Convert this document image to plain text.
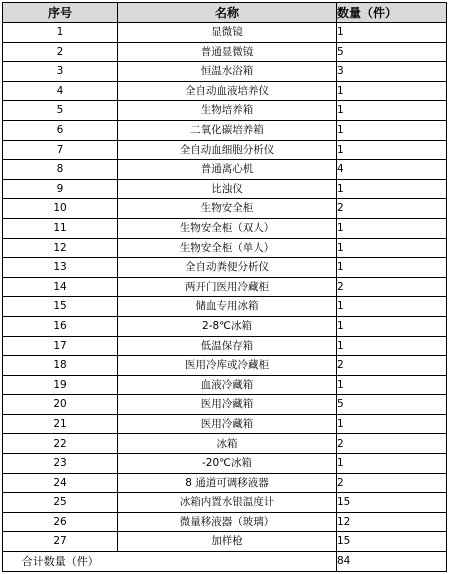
序号	名称	数量（件）
1	显微镜	1
2	普通显微镜	5
3	恒温水浴箱	3
4	全自动血液培养仪	1
5	生物培养箱	1
6	二氧化碳培养箱	1
7	全自动血细胞分析仪	1
8	普通离心机	4
9	比浊仪	1
10	生物安全柜	2
11	生物安全柜（双人）	1
12	生物安全柜（单人）	1
13	全自动粪便分析仪	1
14	两开门医用冷藏柜	2
15	储血专用冰箱	1
16	2-8℃冰箱	1
17	低温保存箱	1
18	医用冷库或冷藏柜	2
19	血液冷藏箱	1
20	医用冷藏箱	5
21	医用冷藏箱	1
22	冰箱	2
23	-20℃冰箱	1
24	8 通道可调移液器	2
25	冰箱内置水银温度计	15
26	微量移液器（玻璃）	12
27	加样枪	15
合计数量（件）		84
